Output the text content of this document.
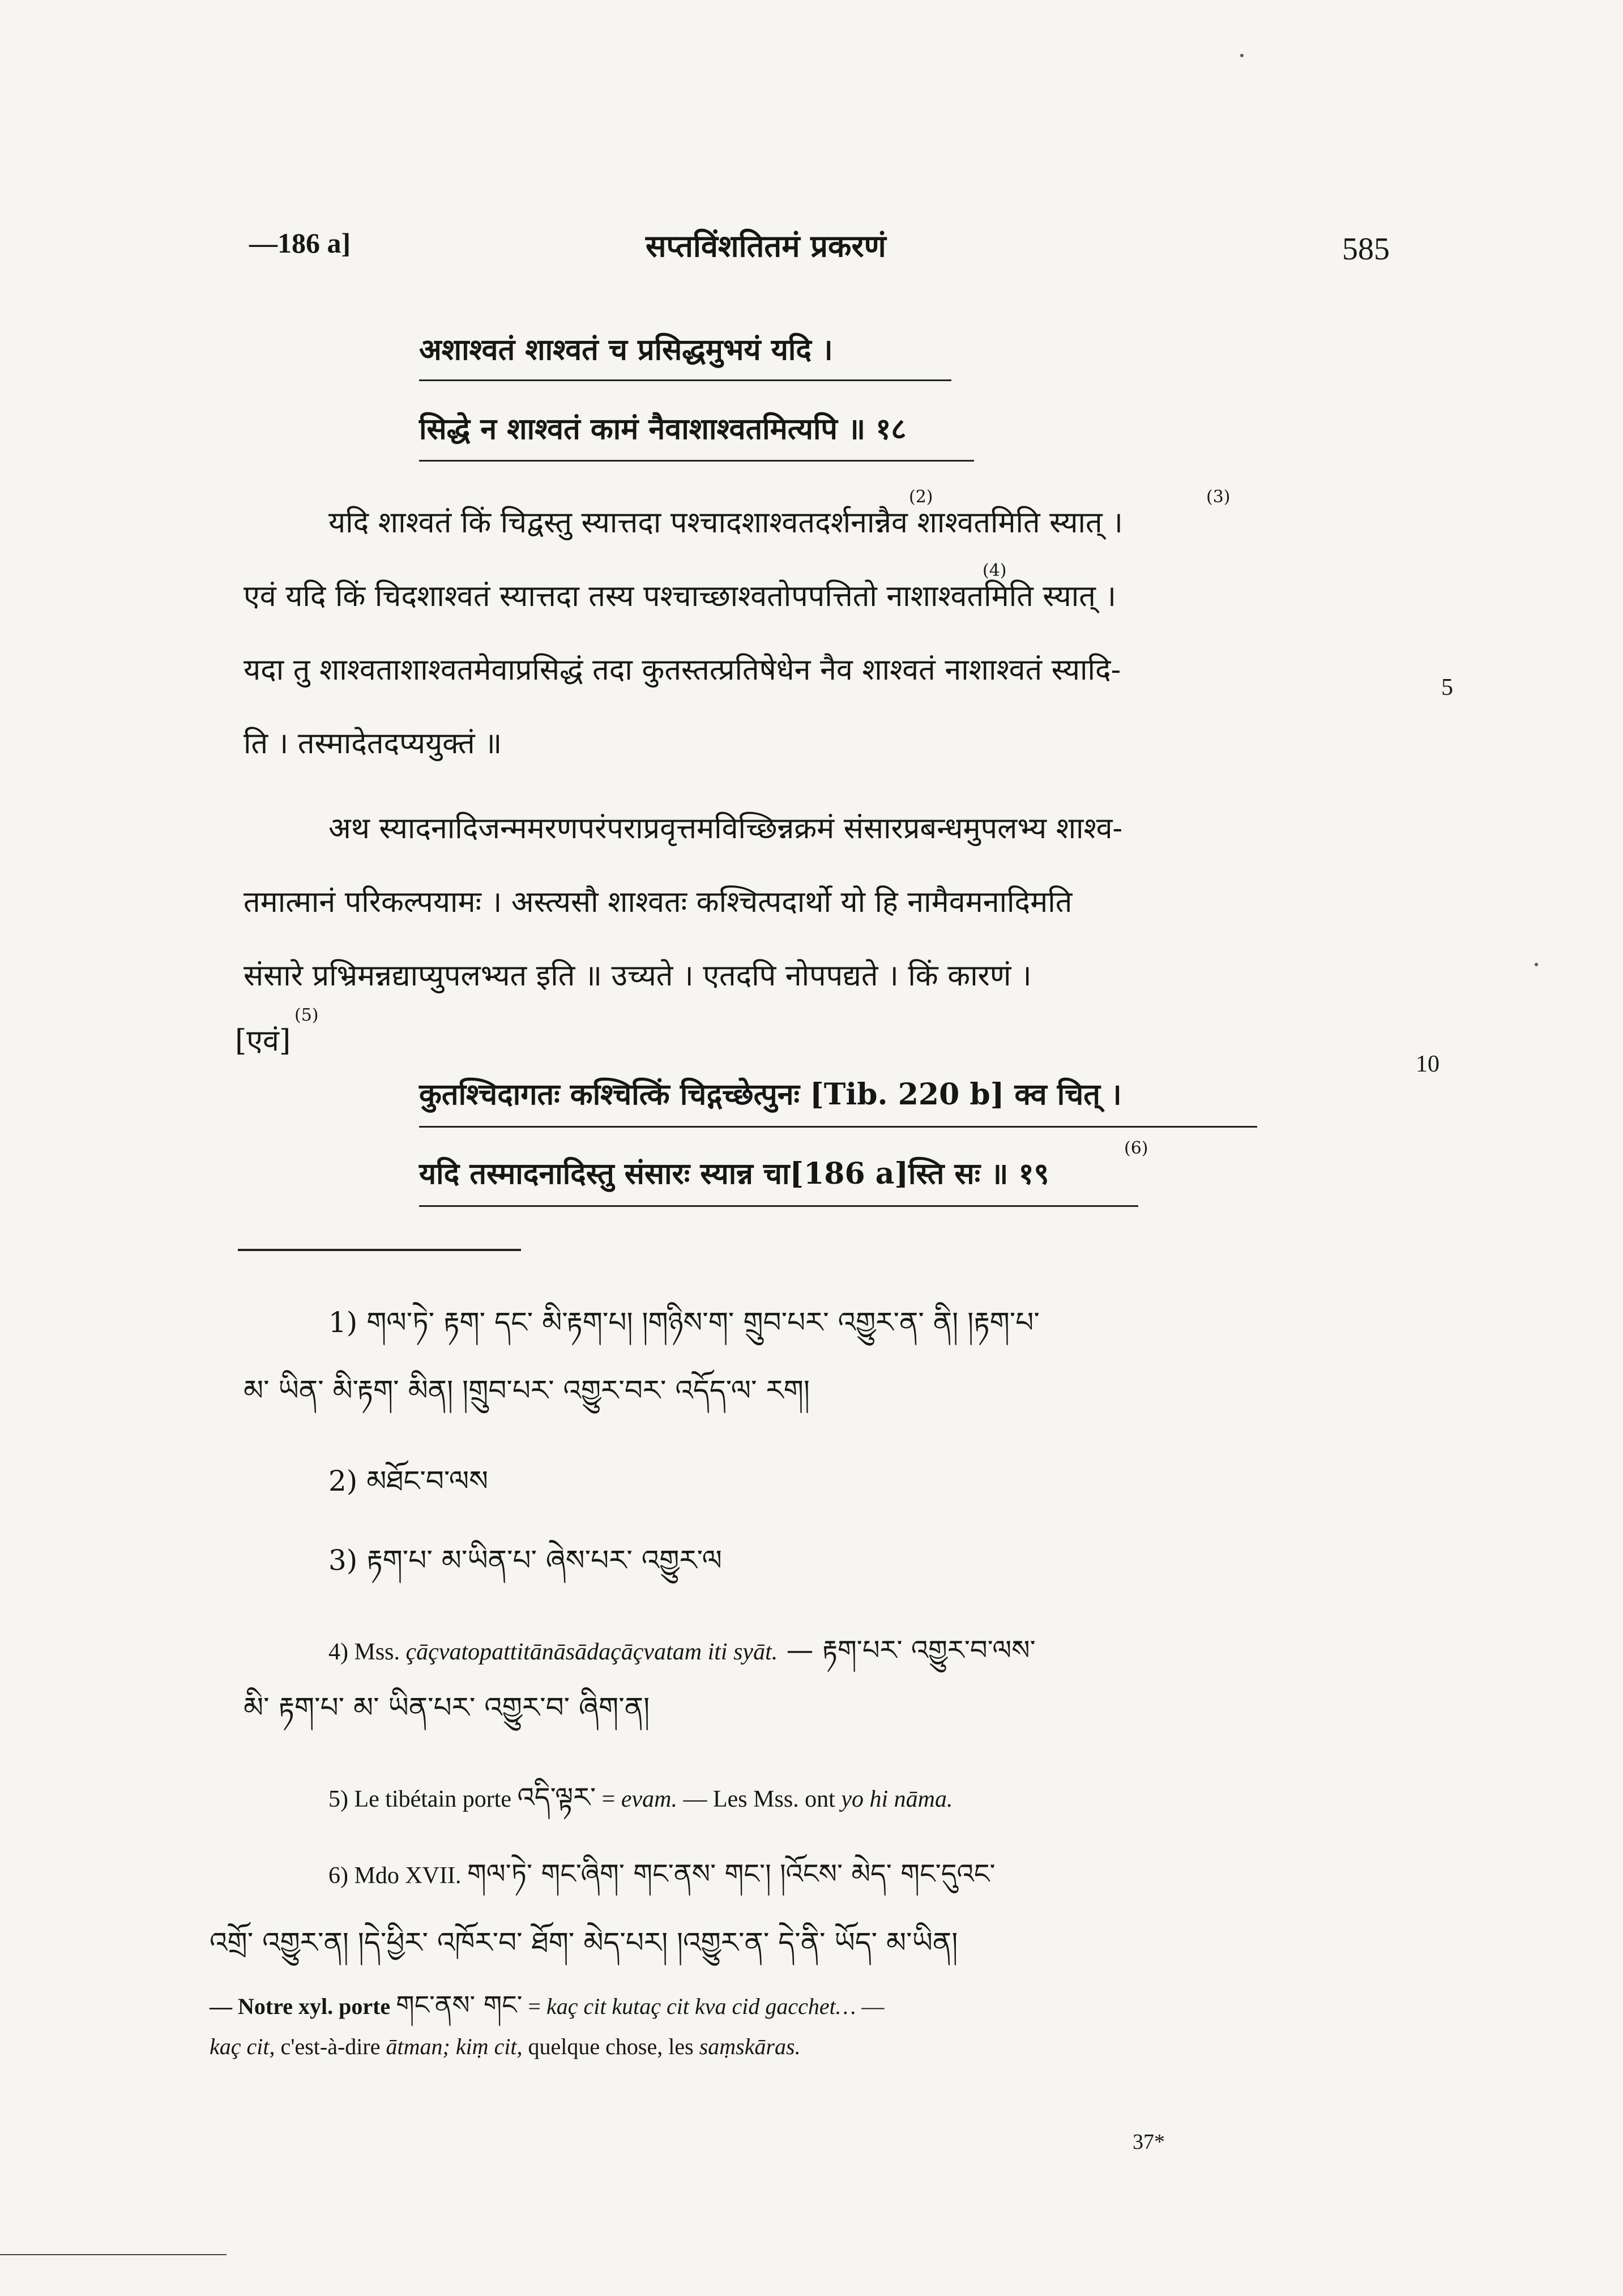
—186 a]	सप्तविंशतितमं प्रकरणं	585
अशाश्वतं शाश्वतं च प्रसिद्धमुभयं यदि ।
सिद्धे न शाश्वतं कामं नैवाशाश्वतमित्यपि ॥ १८
यदि शाश्वतं किं चिद्वस्तु स्यात्तदा पश्चादशाश्वतदर्शनान्नैव शाश्वतमिति स्यात् ।
(2)	(3)
एवं यदि किं चिदशाश्वतं स्यात्तदा तस्य पश्चाच्छाश्वतोपपत्तितो नाशाश्वतमिति स्यात् ।
(4)
यदा तु शाश्वताशाश्वतमेवाप्रसिद्धं तदा कुतस्तत्प्रतिषेधेन नैव शाश्वतं नाशाश्वतं स्यादि-
5
ति । तस्मादेतदप्ययुक्तं ॥
अथ स्यादनादिजन्ममरणपरंपराप्रवृत्तमविच्छिन्नक्रमं संसारप्रबन्धमुपलभ्य शाश्व-
तमात्मानं परिकल्पयामः । अस्त्यसौ शाश्वतः कश्चित्पदार्थो यो हि नामैवमनादिमति
संसारे प्रभ्रिमन्नद्याप्युपलभ्यत इति ॥ उच्यते । एतदपि नोपपद्यते । किं कारणं ।
[एवं]
(5)
10
कुतश्चिदागतः कश्चित्किं चिद्गच्छेत्पुनः [Tib. 220 b] क्व चित् ।
यदि तस्मादनादिस्तु संसारः स्यान्न चा[186 a]स्ति सः ॥ १९
(6)
1) གལ་ཏེ་ རྟག་ དང་ མི་རྟག་པ། །གཉིས་ག་ གྲུབ་པར་ འགྱུར་ན་ ནི། །རྟག་པ་
མ་ ཡིན་ མི་རྟག་ མིན། །གྲུབ་པར་ འགྱུར་བར་ འདོད་ལ་ རག།
2) མཐོང་བ་ལས
3) རྟག་པ་ མ་ཡིན་པ་ ཞེས་པར་ འགྱུར་ལ
4) Mss. çāçvatopattitānāsādaçāçvatam iti syāt. — རྟག་པར་ འགྱུར་བ་ལས་
མི་ རྟག་པ་ མ་ ཡིན་པར་ འགྱུར་བ་ ཞིག་ན།
5) Le tibétain porte འདི་ལྟར་ = evam. — Les Mss. ont yo hi nāma.
6) Mdo XVII. གལ་ཏེ་ གང་ཞིག་ གང་ནས་ གང་། །འོངས་ མེད་ གང་དུའང་
འགྲོ་ འགྱུར་ན། །དེ་ཕྱིར་ འཁོར་བ་ ཐོག་ མེད་པར། །འགྱུར་ན་ དེ་ནི་ ཡོད་ མ་ཡིན།
— Notre xyl. porte གང་ནས་ གང་ = kaç cit kutaç cit kva cid gacchet… —
kaç cit, c'est-à-dire ātman; kiṃ cit, quelque chose, les saṃskāras.
37*
